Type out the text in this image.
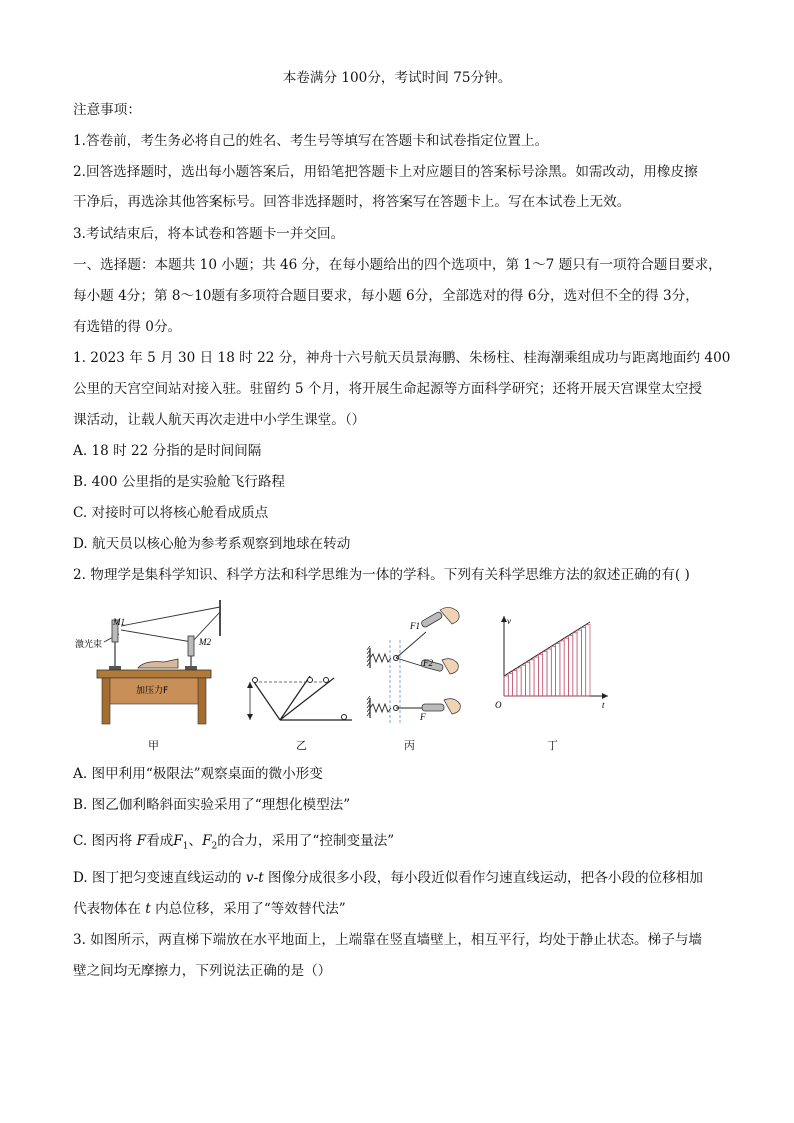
本卷满分 100分，考试时间 75分钟。
注意事项：
1.答卷前，考生务必将自己的姓名、考生号等填写在答题卡和试卷指定位置上。
2.回答选择题时，选出每小题答案后，用铅笔把答题卡上对应题目的答案标号涂黑。如需改动，用橡皮擦
干净后，再选涂其他答案标号。回答非选择题时，将答案写在答题卡上。写在本试卷上无效。
3.考试结束后，将本试卷和答题卡一并交回。
一、选择题：本题共 10 小题；共 46 分，在每小题给出的四个选项中，第 1～7 题只有一项符合题目要求，
每小题 4分；第 8～10题有多项符合题目要求，每小题 6分，全部选对的得 6分，选对但不全的得 3分，
有选错的得 0分。
1. 2023 年 5 月 30 日 18 时 22 分，神舟十六号航天员景海鹏、朱杨柱、桂海潮乘组成功与距离地面约 400
公里的天宫空间站对接入驻。驻留约 5 个月，将开展生命起源等方面科学研究；还将开展天宫课堂太空授
课活动，让载人航天再次走进中小学生课堂。（）
A. 18 时 22 分指的是时间间隔
B. 400 公里指的是实验舱飞行路程
C. 对接时可以将核心舱看成质点
D. 航天员以核心舱为参考系观察到地球在转动
2. 物理学是集科学知识、科学方法和科学思维为一体的学科。下列有关科学思维方法的叙述正确的有( )
M1
M2
激光束
加压力F
甲	乙
F1
F2
F
丙
v
t
O
丁
A. 图甲利用“极限法”观察桌面的微小形变
B. 图乙伽利略斜面实验采用了“理想化模型法”
C. 图丙将 F看成$F_1$、$F_2$的合力，采用了“控制变量法”
D. 图丁把匀变速直线运动的 v-t 图像分成很多小段，每小段近似看作匀速直线运动，把各小段的位移相加
代表物体在 t 内总位移，采用了“等效替代法”
3. 如图所示，两直梯下端放在水平地面上，上端靠在竖直墙壁上，相互平行，均处于静止状态。梯子与墙
壁之间均无摩擦力，下列说法正确的是（）
